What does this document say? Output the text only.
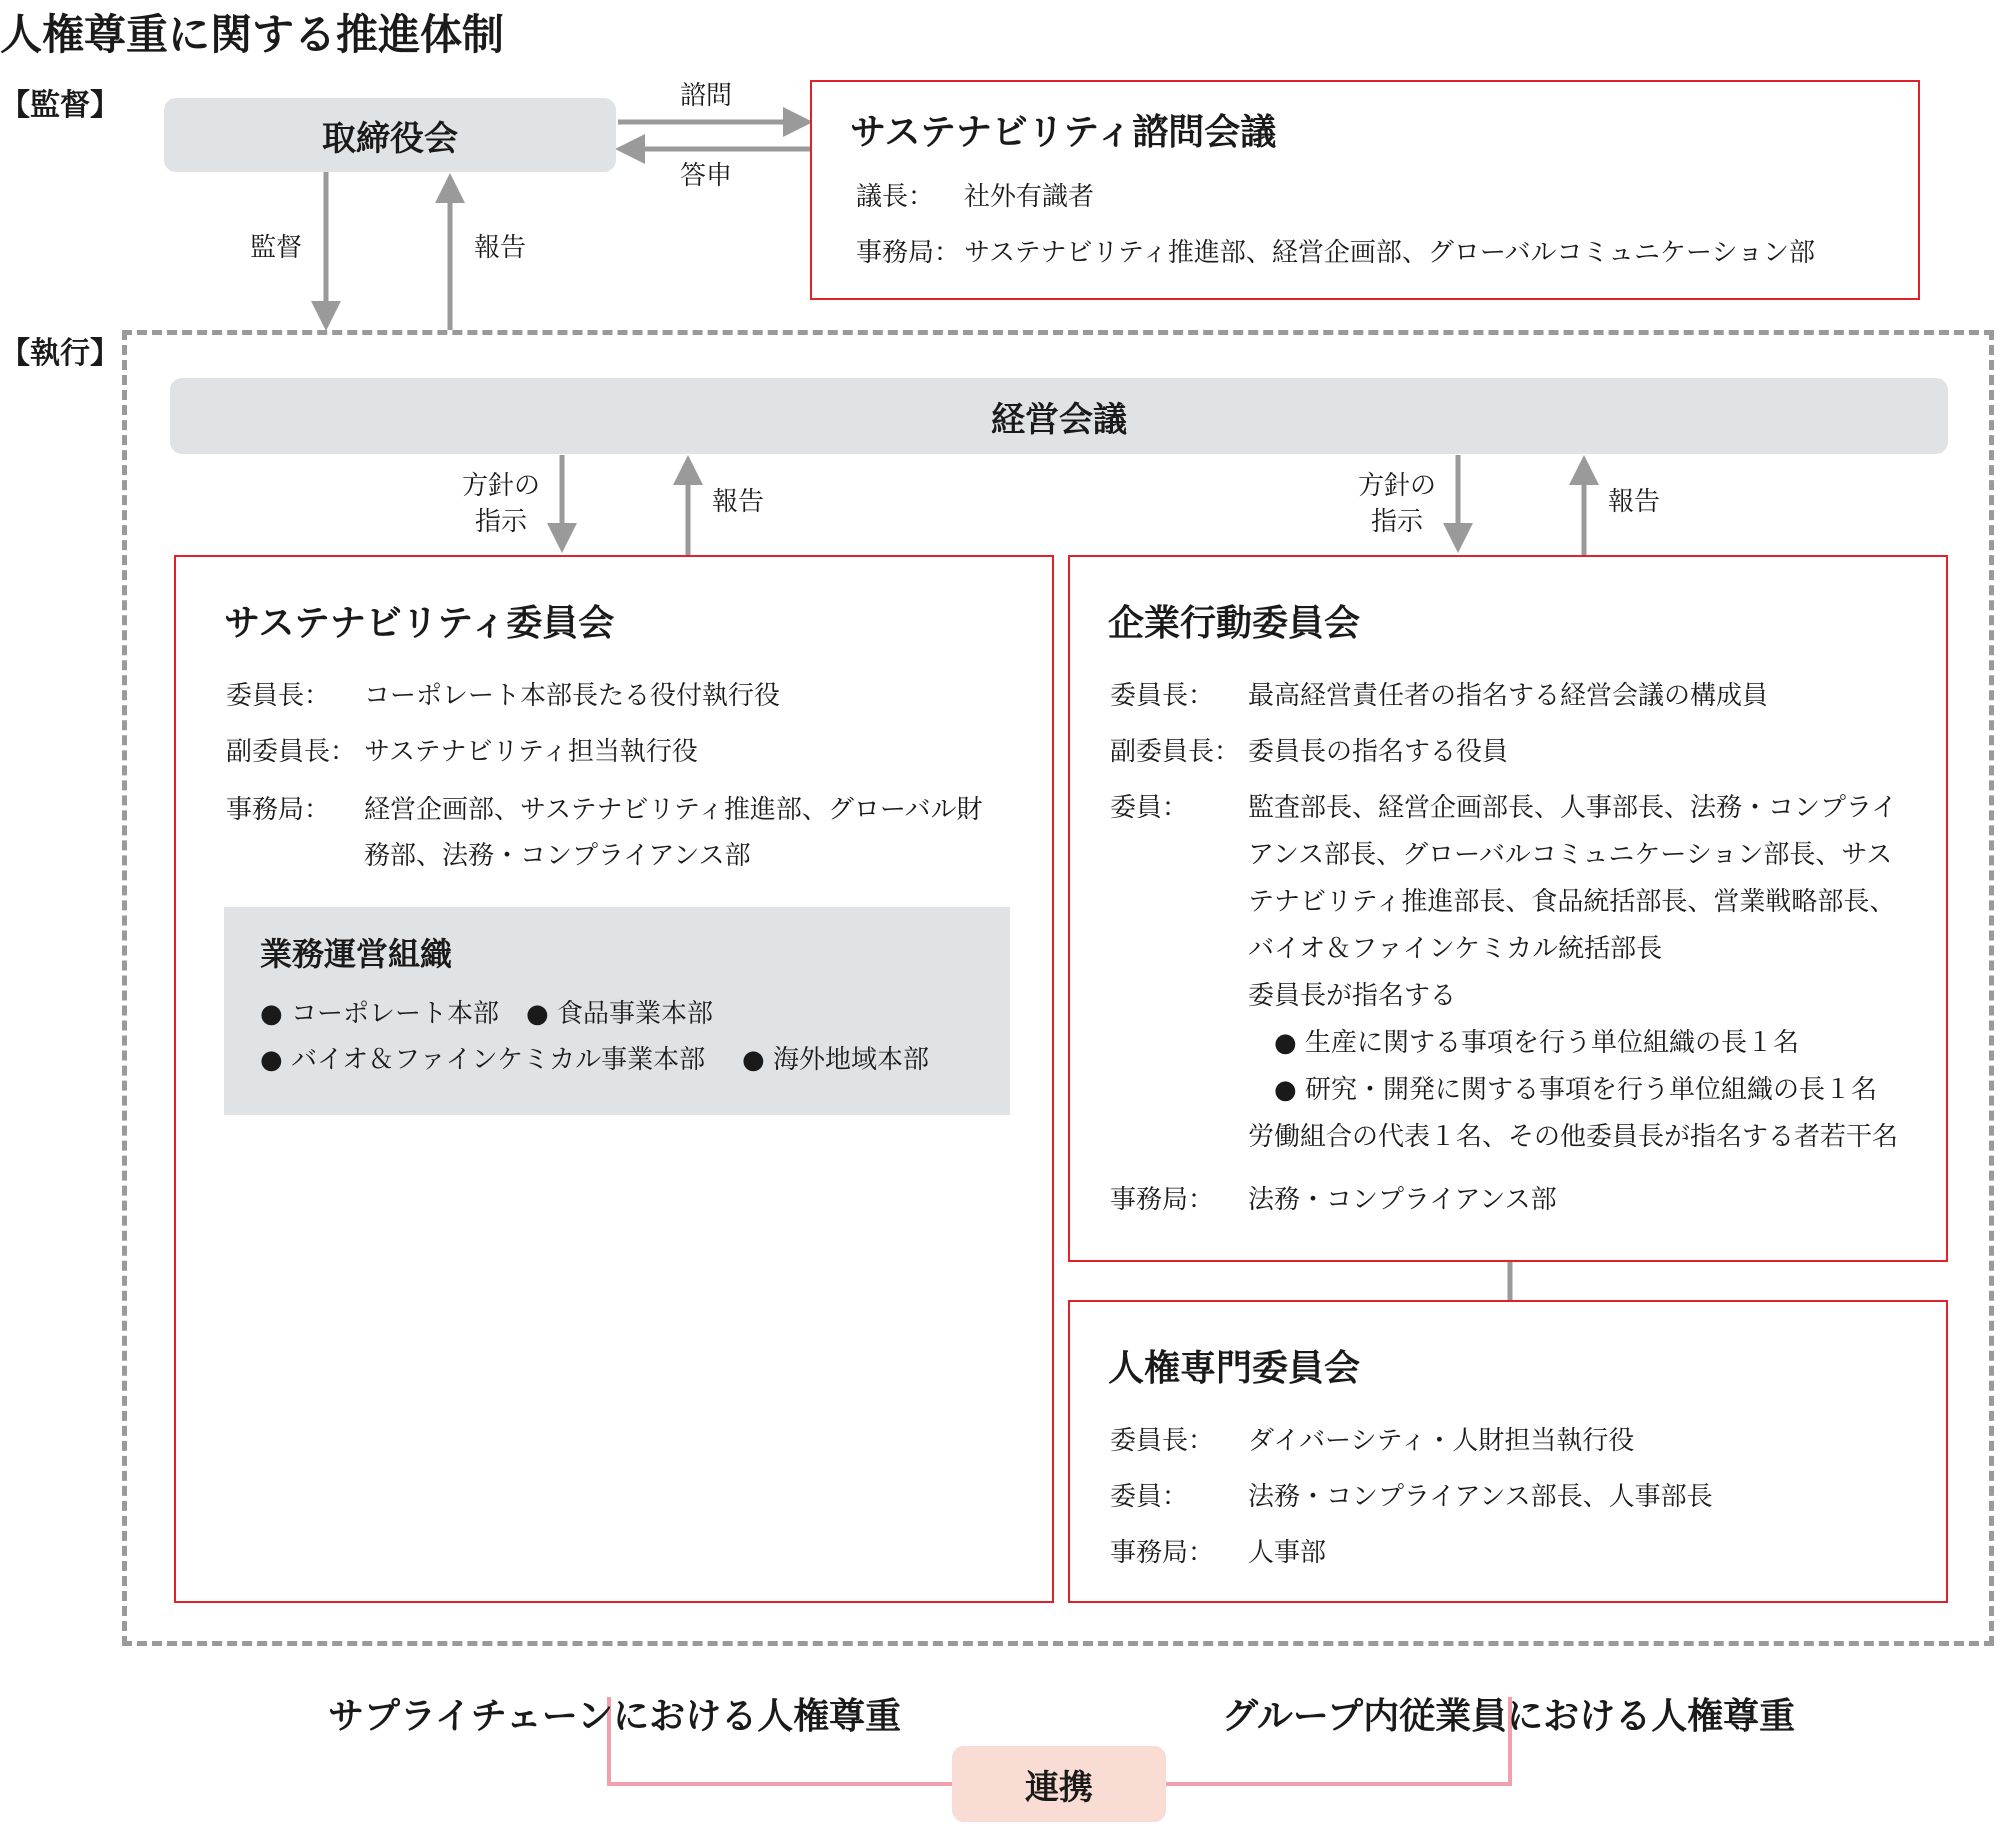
人権尊重に関する推進体制
【監督】
【執行】
取締役会
諮問
答申
監督	報告
サステナビリティ諮問会議
議長： 社外有識者
事務局： サステナビリティ推進部、経営企画部、グローバルコミュニケーション部
経営会議
方針の
指示
報告
方針の
指示
報告
サステナビリティ委員会
委員長： コーポレート本部長たる役付執行役
副委員長： サステナビリティ担当執行役
事務局： 経営企画部、サステナビリティ推進部、グローバル財
務部、法務・コンプライアンス部
業務運営組織
● コーポレート本部 ● 食品事業本部
● バイオ＆ファインケミカル事業本部 ● 海外地域本部
企業行動委員会
委員長： 最高経営責任者の指名する経営会議の構成員
副委員長： 委員長の指名する役員
委員： 監査部長、経営企画部長、人事部長、法務・コンプライ
アンス部長、グローバルコミュニケーション部長、サス
テナビリティ推進部長、食品統括部長、営業戦略部長、
バイオ＆ファインケミカル統括部長
委員長が指名する
● 生産に関する事項を行う単位組織の長１名
● 研究・開発に関する事項を行う単位組織の長１名
労働組合の代表１名、その他委員長が指名する者若干名
事務局： 法務・コンプライアンス部
人権専門委員会
委員長： ダイバーシティ・人財担当執行役
委員： 法務・コンプライアンス部長、人事部長
事務局： 人事部
サプライチェーンにおける人権尊重	グループ内従業員における人権尊重
連携
